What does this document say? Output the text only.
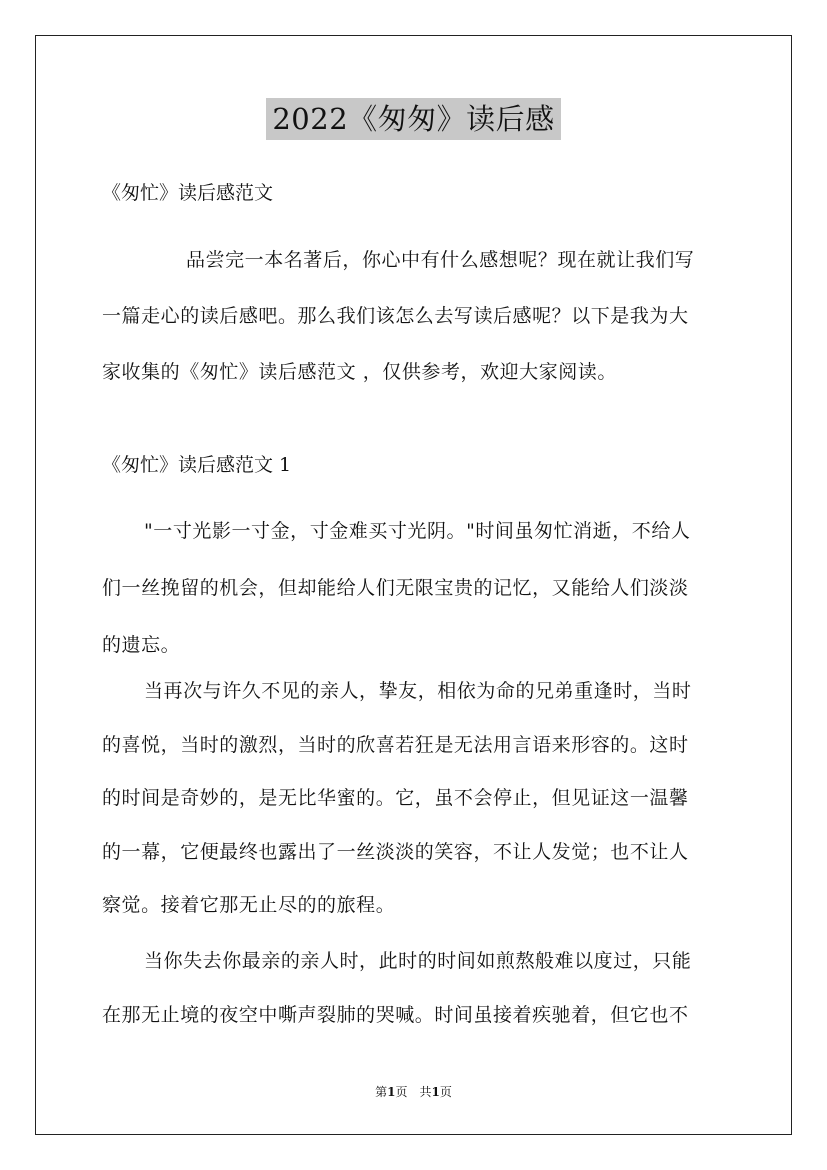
2022《匆匆》读后感
《匆忙》读后感范文

品尝完一本名著后，你心中有什么感想呢？现在就让我们写
一篇走心的读后感吧。那么我们该怎么去写读后感呢？以下是我为大
家收集的《匆忙》读后感范文 ，仅供参考，欢迎大家阅读。

《匆忙》读后感范文 1

"一寸光影一寸金，寸金难买寸光阴。"时间虽匆忙消逝，不给人
们一丝挽留的机会，但却能给人们无限宝贵的记忆，又能给人们淡淡
的遗忘。

当再次与许久不见的亲人，挚友，相依为命的兄弟重逢时，当时
的喜悦，当时的激烈，当时的欣喜若狂是无法用言语来形容的。这时
的时间是奇妙的，是无比华蜜的。它，虽不会停止，但见证这一温馨
的一幕，它便最终也露出了一丝淡淡的笑容，不让人发觉；也不让人
察觉。接着它那无止尽的的旅程。

当你失去你最亲的亲人时，此时的时间如煎熬般难以度过，只能
在那无止境的夜空中嘶声裂肺的哭喊。时间虽接着疾驰着，但它也不

第1页　共1页
